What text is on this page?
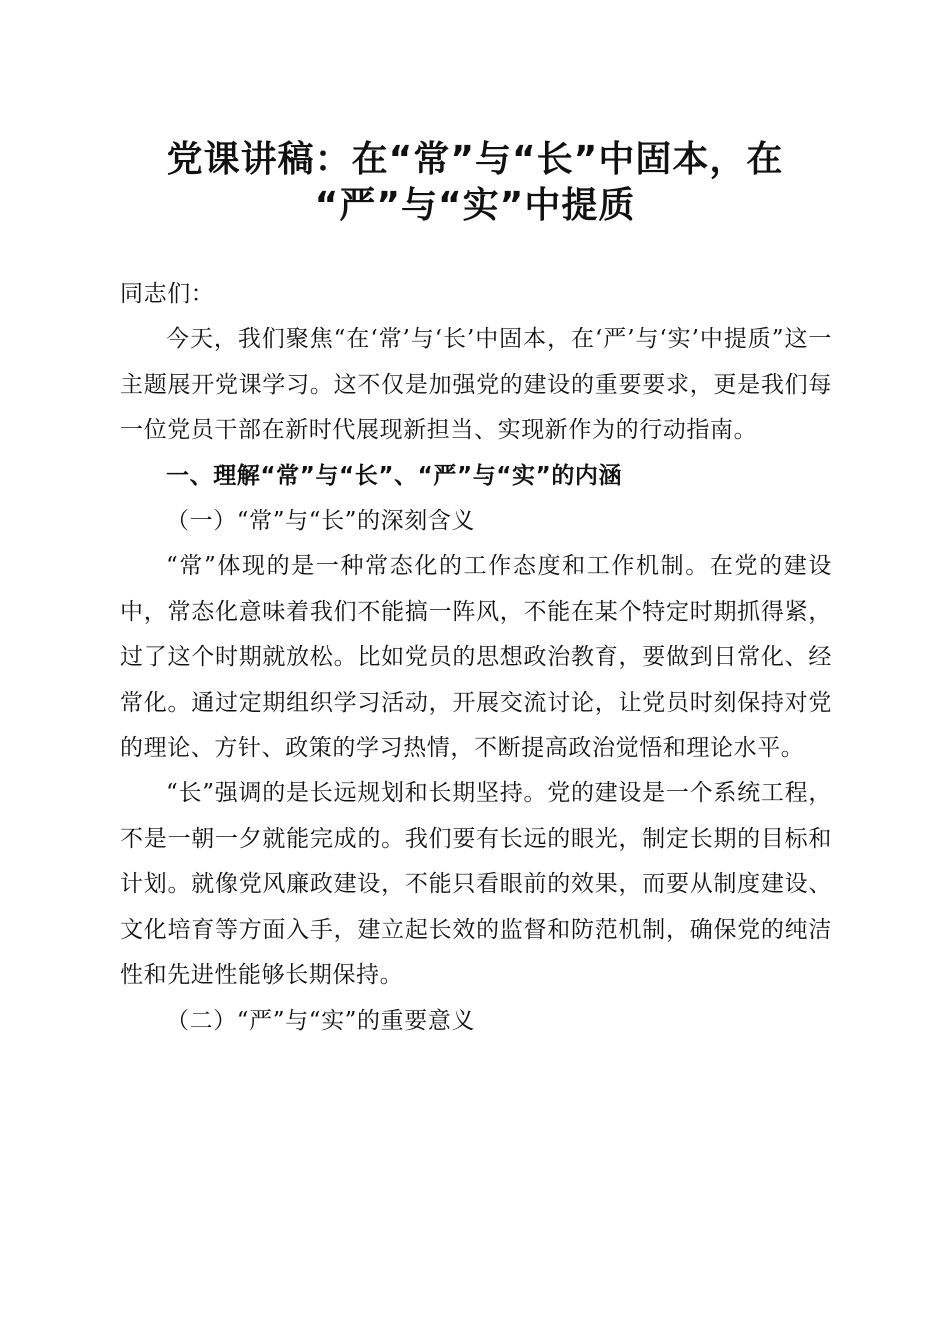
党课讲稿：在“常”与“长”中固本，在
“严”与“实”中提质

同志们：

今天，我们聚焦“在‘常’与‘长’中固本，在‘严’与‘实’中提质”这一主题展开党课学习。这不仅是加强党的建设的重要要求，更是我们每一位党员干部在新时代展现新担当、实现新作为的行动指南。

一、理解“常”与“长”、“严”与“实”的内涵

（一）“常”与“长”的深刻含义

“常”体现的是一种常态化的工作态度和工作机制。在党的建设中，常态化意味着我们不能搞一阵风，不能在某个特定时期抓得紧，过了这个时期就放松。比如党员的思想政治教育，要做到日常化、经常化。通过定期组织学习活动，开展交流讨论，让党员时刻保持对党的理论、方针、政策的学习热情，不断提高政治觉悟和理论水平。

“长”强调的是长远规划和长期坚持。党的建设是一个系统工程，不是一朝一夕就能完成的。我们要有长远的眼光，制定长期的目标和计划。就像党风廉政建设，不能只看眼前的效果，而要从制度建设、文化培育等方面入手，建立起长效的监督和防范机制，确保党的纯洁性和先进性能够长期保持。

（二）“严”与“实”的重要意义
